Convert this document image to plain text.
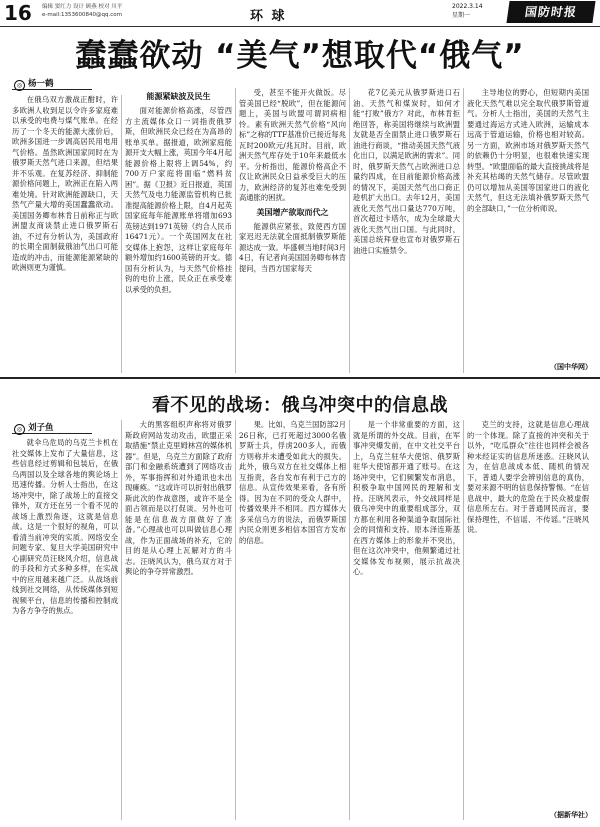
16 编辑 窦红力 设计 顾燕 校对 川平
e-mail:1353600840@qq.com	环 球
2022.3.14
星期一	国防时报
蠢蠢欲动 “美气”想取代“俄气”
◎ 杨一鹤

在俄乌双方激战正酣时，许多欧洲人收到足以令许多家庭难以承受的电费与煤气账单。在经历了一个冬天的能源大涨价后，欧洲多国进一步调高居民用电用气价格。虽然欧洲国家同时在为俄罗斯天然气进口来源，但结果并不乐观。在复苏经济、抑制能源价格问题上，欧洲正在陷入两难处境。针对欧洲能源缺口，天然气产量大增的美国蠢蠢欲动。美国国务卿布林肯日前称正与欧洲盟友商谈禁止进口俄罗斯石油，不过有分析认为，美国政府的长期全面制裁俄油气出口可能造成的冲击，而能源能源紧缺的欧洲则更为谨慎。

能源紧缺波及民生

面对能源价格高涨，尽管西方主流媒体众口一词指责俄罗斯，但欧洲民众已经在为高昂的账单买单。据报道，欧洲家庭能源开支大幅上涨，英国今年4月起能源价格上限将上调54%，约700万户家庭将面临“燃料贫困”。据《卫报》近日报道，英国天然气及电力能源监管机构已批准提高能源价格上限，自4月起英国家庭每年能源账单将增加693英镑达到1971英镑（约合人民币16471元）。一个英国网友在社交媒体上抱怨，这样让家庭每年额外增加约1600英镑的开支。德国有分析认为，与天然气价格挂钩的电价上涨，民众正在承受难以承受的负担。

受，甚至不能开火做饭。尽管美国已经“脱欧”，但在能源问题上，美国与欧盟可谓同病相怜。素有欧洲天然气价格“风向标”之称的TTF基准价已接近每兆瓦时200欧元/兆瓦时。目前，欧洲天然气库存处于10年来最低水平。分析指出，能源价格高企不仅让欧洲民众日益承受巨大的压力，欧洲经济的复苏也难免受到高通胀的困扰。

美国增产欲取而代之

能源供应紧张，致使西方国家迟迟无法就全面抵制俄罗斯能源达成一致。毕盛顿当地时间3月4日，有记者向美国国务卿布林肯提问，当西方国家每天

花7亿美元从俄罗斯进口石油、天然气和煤炭时，如何才能“打败”俄方？对此，布林肯拒绝回答，称美国将继续与欧洲盟友就是否全面禁止进口俄罗斯石油进行商谈，“推动美国天然气液化出口，以满足欧洲的需求”。同时，俄罗斯天然气占欧洲进口总量约四成，在目前能源价格高涨的情况下，美国天然气出口商正趁机扩大出口。去年12月，美国液化天然气出口量达770万吨，首次超过卡塔尔，成为全球最大液化天然气出口国。与此同时，美国总统拜登也宣布对俄罗斯石油进口实施禁令。

主导地位的野心，但短期内美国液化天然气难以完全取代俄罗斯管道气。分析人士指出，美国的天然气主要通过海运方式进入欧洲，运输成本远高于管道运输，价格也相对较高。另一方面，欧洲市场对俄罗斯天然气的依赖仍十分明显，也很难快速实现转型。“欧盟面临的最大直接挑战将是补充其枯竭的天然气储存。尽管欧盟仍可以增加从美国等国家进口的液化天然气，但这无法填补俄罗斯天然气的全部缺口，”一位分析师说。

（国中华网）
看不见的战场：俄乌冲突中的信息战
◎ 刘子鱼

就伞乌危局的乌克兰卡机在社交媒体上发布了大量信息，这些信息经过剪辑和包装后，在俄乌两国以及全球各地的舆论场上迅速传播。分析人士指出，在这场冲突中，除了战场上的直接交锋外，双方还在另一个看不见的战场上激烈角逐，这就是信息战。这是一个很好的视角，可以看清当前冲突的实质。网络安全问题专家、复旦大学美国研究中心副研究员汪晓风介绍，信息战的手段和方式多种多样，在实战中的应用越来越广泛。从战场前线到社交网络，从传统媒体到短视频平台，信息的传播和控制成为各方争夺的焦点。

大的黑客组织声称将对俄罗斯政府网站发动攻击，欧盟正采取措施“禁止克里姆林宫的媒体机器”。但是，乌克兰方面除了政府部门和金融系统遭到了网络攻击外，军事指挥和对外通讯也未出现瘫痪。“这或许可以折射出俄罗斯此次的作战意图，或许不是全面占领而是以打促谈。另外也可能是在信息战方面做好了准备。”心理战也可以叫做信息心理战，作为正面战场的补充，它的目的是从心理上瓦解对方的斗志。汪晓风认为，俄乌双方对于舆论的争夺异常激烈。

果。比如，乌克兰国防部2月26日称，已打死超过3000名俄罗斯士兵，俘虏200多人，而俄方则称并未遭受如此大的损失。此外，俄乌双方在社交媒体上相互指责，各自发布有利于己方的信息。从宣传效果来看，各有所得。因为在不同的受众人群中，传播效果并不相同。西方媒体大多采信乌方的说法，而俄罗斯国内民众则更多相信本国官方发布的信息。

是一个非常重要的方面，这就是所谓的外交战。目前，在军事冲突爆发前，在中文社交平台上，乌克兰驻华大使馆、俄罗斯驻华大使馆都开通了账号。在这场冲突中，它们频繁发布消息，积极争取中国网民的理解和支持。汪晓风表示，外交战同样是俄乌冲突中的重要组成部分，双方都在利用各种渠道争取国际社会的同情和支持。原本泽连斯基在西方媒体上的形象并不突出，但在这次冲突中，他频繁通过社交媒体发布视频，展示抗战决心。

克兰的支持，这就是信息心理战的一个体现。除了直接的冲突和关于以外，“吃瓜群众”往往也同样会被各种未经证实的信息所迷惑。汪晓风认为，在信息战成本低、随机的情况下，普通人要学会辨别信息的真伪，要对来源不明的信息保持警惕。“在信息战中，最大的危险在于民众被虚假信息所左右。对于普通网民而言，要保持理性，不信谣、不传谣。”汪晓风说。

（据新华社）
